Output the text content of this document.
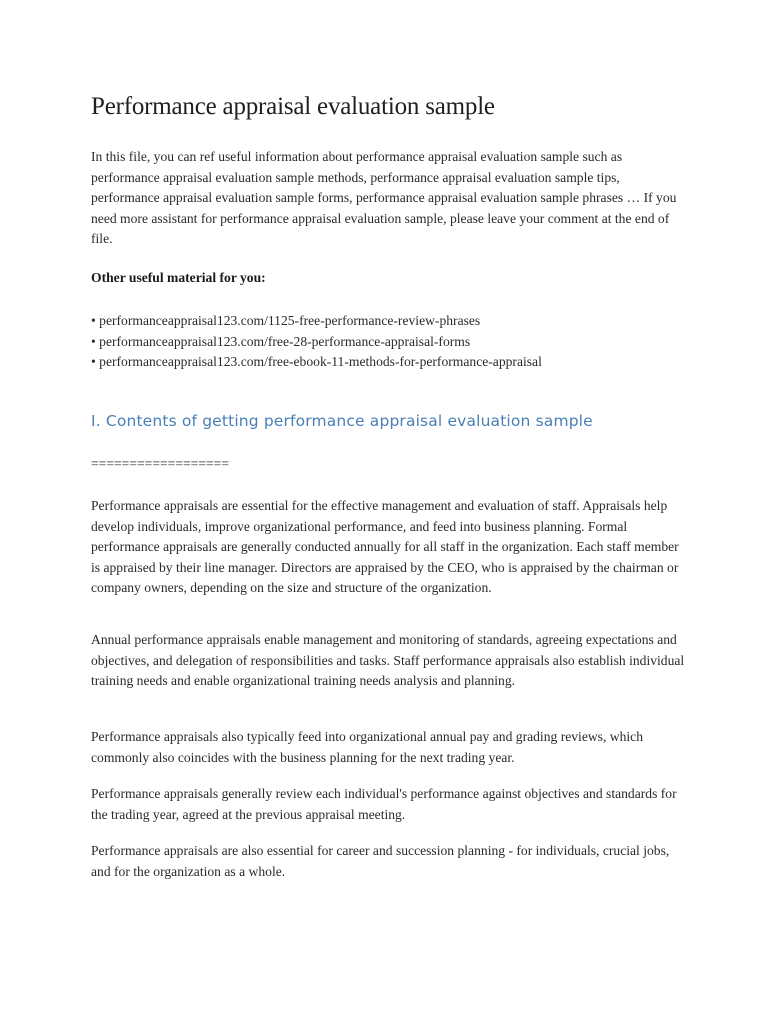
Performance appraisal evaluation sample

In this file, you can ref useful information about performance appraisal evaluation sample such as performance appraisal evaluation sample methods, performance appraisal evaluation sample tips, performance appraisal evaluation sample forms, performance appraisal evaluation sample phrases … If you need more assistant for performance appraisal evaluation sample, please leave your comment at the end of file.

Other useful material for you:

• performanceappraisal123.com/1125-free-performance-review-phrases
• performanceappraisal123.com/free-28-performance-appraisal-forms
• performanceappraisal123.com/free-ebook-11-methods-for-performance-appraisal
I. Contents of getting performance appraisal evaluation sample

==================

Performance appraisals are essential for the effective management and evaluation of staff. Appraisals help develop individuals, improve organizational performance, and feed into business planning. Formal performance appraisals are generally conducted annually for all staff in the organization. Each staff member is appraised by their line manager. Directors are appraised by the CEO, who is appraised by the chairman or company owners, depending on the size and structure of the organization.

Annual performance appraisals enable management and monitoring of standards, agreeing expectations and objectives, and delegation of responsibilities and tasks. Staff performance appraisals also establish individual training needs and enable organizational training needs analysis and planning.

Performance appraisals also typically feed into organizational annual pay and grading reviews, which commonly also coincides with the business planning for the next trading year.

Performance appraisals generally review each individual's performance against objectives and standards for the trading year, agreed at the previous appraisal meeting.

Performance appraisals are also essential for career and succession planning - for individuals, crucial jobs, and for the organization as a whole.
